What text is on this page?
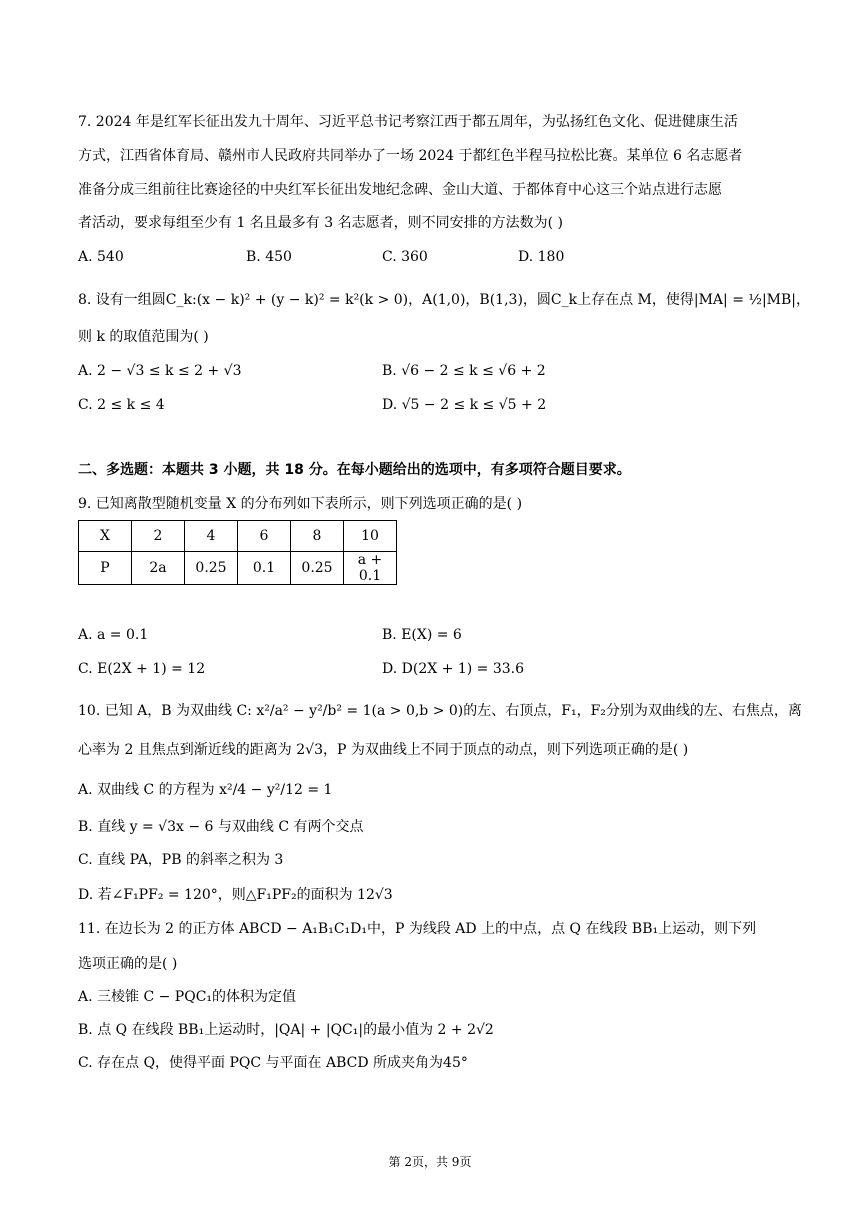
7. 2024 年是红军长征出发九十周年、习近平总书记考察江西于都五周年，为弘扬红色文化、促进健康生活
方式，江西省体育局、赣州市人民政府共同举办了一场 2024 于都红色半程马拉松比赛。某单位 6 名志愿者
准备分成三组前往比赛途径的中央红军长征出发地纪念碑、金山大道、于都体育中心这三个站点进行志愿
者活动，要求每组至少有 1 名且最多有 3 名志愿者，则不同安排的方法数为( )
A. 540	B. 450	C. 360	D. 180
8. 设有一组圆C_k:(x − k)² + (y − k)² = k²(k > 0)，A(1,0)，B(1,3)，圆C_k上存在点 M，使得|MA| = ½|MB|，
则 k 的取值范围为( )
A. 2 − √3 ≤ k ≤ 2 + √3	B. √6 − 2 ≤ k ≤ √6 + 2
C. 2 ≤ k ≤ 4	D. √5 − 2 ≤ k ≤ √5 + 2
二、多选题：本题共 3 小题，共 18 分。在每小题给出的选项中，有多项符合题目要求。
9. 已知离散型随机变量 X 的分布列如下表所示，则下列选项正确的是( )
X	2	4	6	8	10
P	2a	0.25	0.1	0.25	a + 0.1
A. a = 0.1	B. E(X) = 6
C. E(2X + 1) = 12	D. D(2X + 1) = 33.6
10. 已知 A，B 为双曲线 C: x²/a² − y²/b² = 1(a > 0,b > 0)的左、右顶点，F₁，F₂分别为双曲线的左、右焦点，离
心率为 2 且焦点到渐近线的距离为 2√3，P 为双曲线上不同于顶点的动点，则下列选项正确的是( )
A. 双曲线 C 的方程为 x²/4 − y²/12 = 1
B. 直线 y = √3x − 6 与双曲线 C 有两个交点
C. 直线 PA，PB 的斜率之积为 3
D. 若∠F₁PF₂ = 120°，则△F₁PF₂的面积为 12√3
11. 在边长为 2 的正方体 ABCD − A₁B₁C₁D₁中，P 为线段 AD 上的中点，点 Q 在线段 BB₁上运动，则下列
选项正确的是( )
A. 三棱锥 C − PQC₁的体积为定值
B. 点 Q 在线段 BB₁上运动时，|QA| + |QC₁|的最小值为 2 + 2√2
C. 存在点 Q，使得平面 PQC 与平面在 ABCD 所成夹角为45°
第 2页，共 9页
